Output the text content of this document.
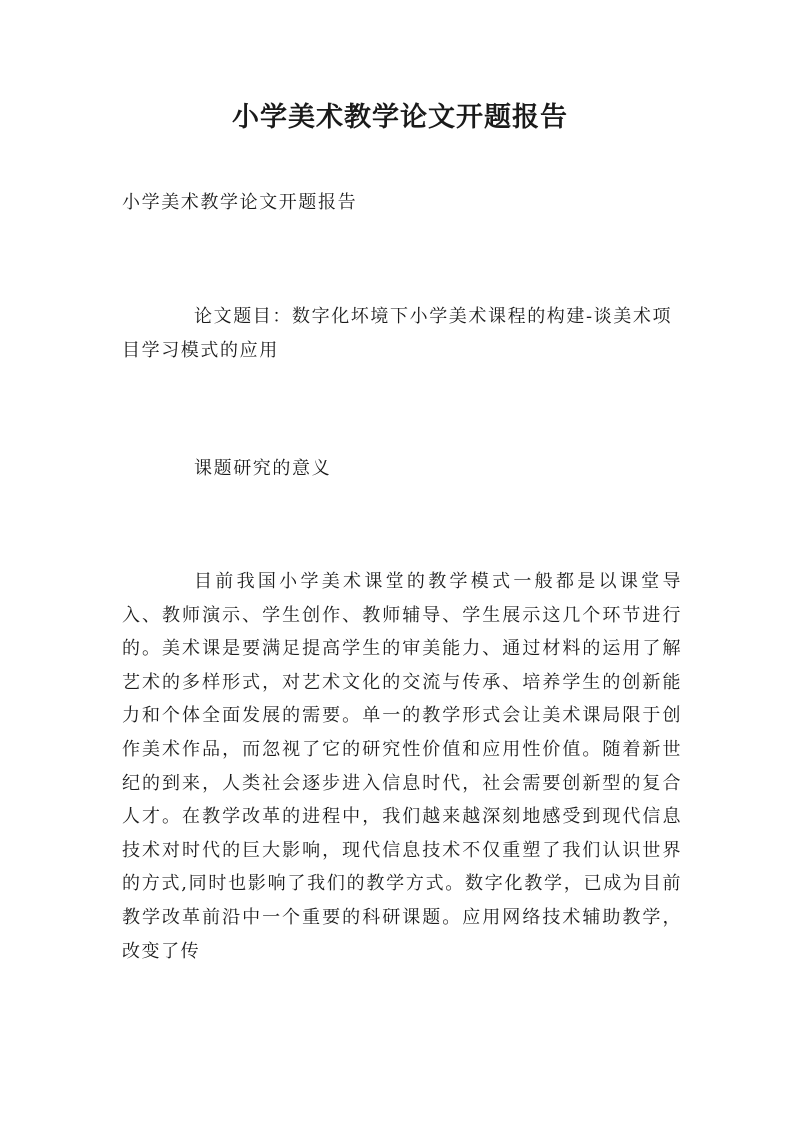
小学美术教学论文开题报告
小学美术教学论文开题报告
论文题目：数字化坏境下小学美术课程的构建-谈美术项目学习模式的应用
课题研究的意义
目前我国小学美术课堂的教学模式一般都是以课堂导入、教师演示、学生创作、教师辅导、学生展示这几个环节进行的。美术课是要满足提高学生的审美能力、通过材料的运用了解艺术的多样形式，对艺术文化的交流与传承、培养学生的创新能力和个体全面发展的需要。单一的教学形式会让美术课局限于创作美术作品，而忽视了它的研究性价值和应用性价值。随着新世纪的到来，人类社会逐步进入信息时代，社会需要创新型的复合人才。在教学改革的进程中，我们越来越深刻地感受到现代信息技术对时代的巨大影响，现代信息技术不仅重塑了我们认识世界的方式,同时也影响了我们的教学方式。数字化教学，已成为目前教学改革前沿中一个重要的科研课题。应用网络技术辅助教学，改变了传
